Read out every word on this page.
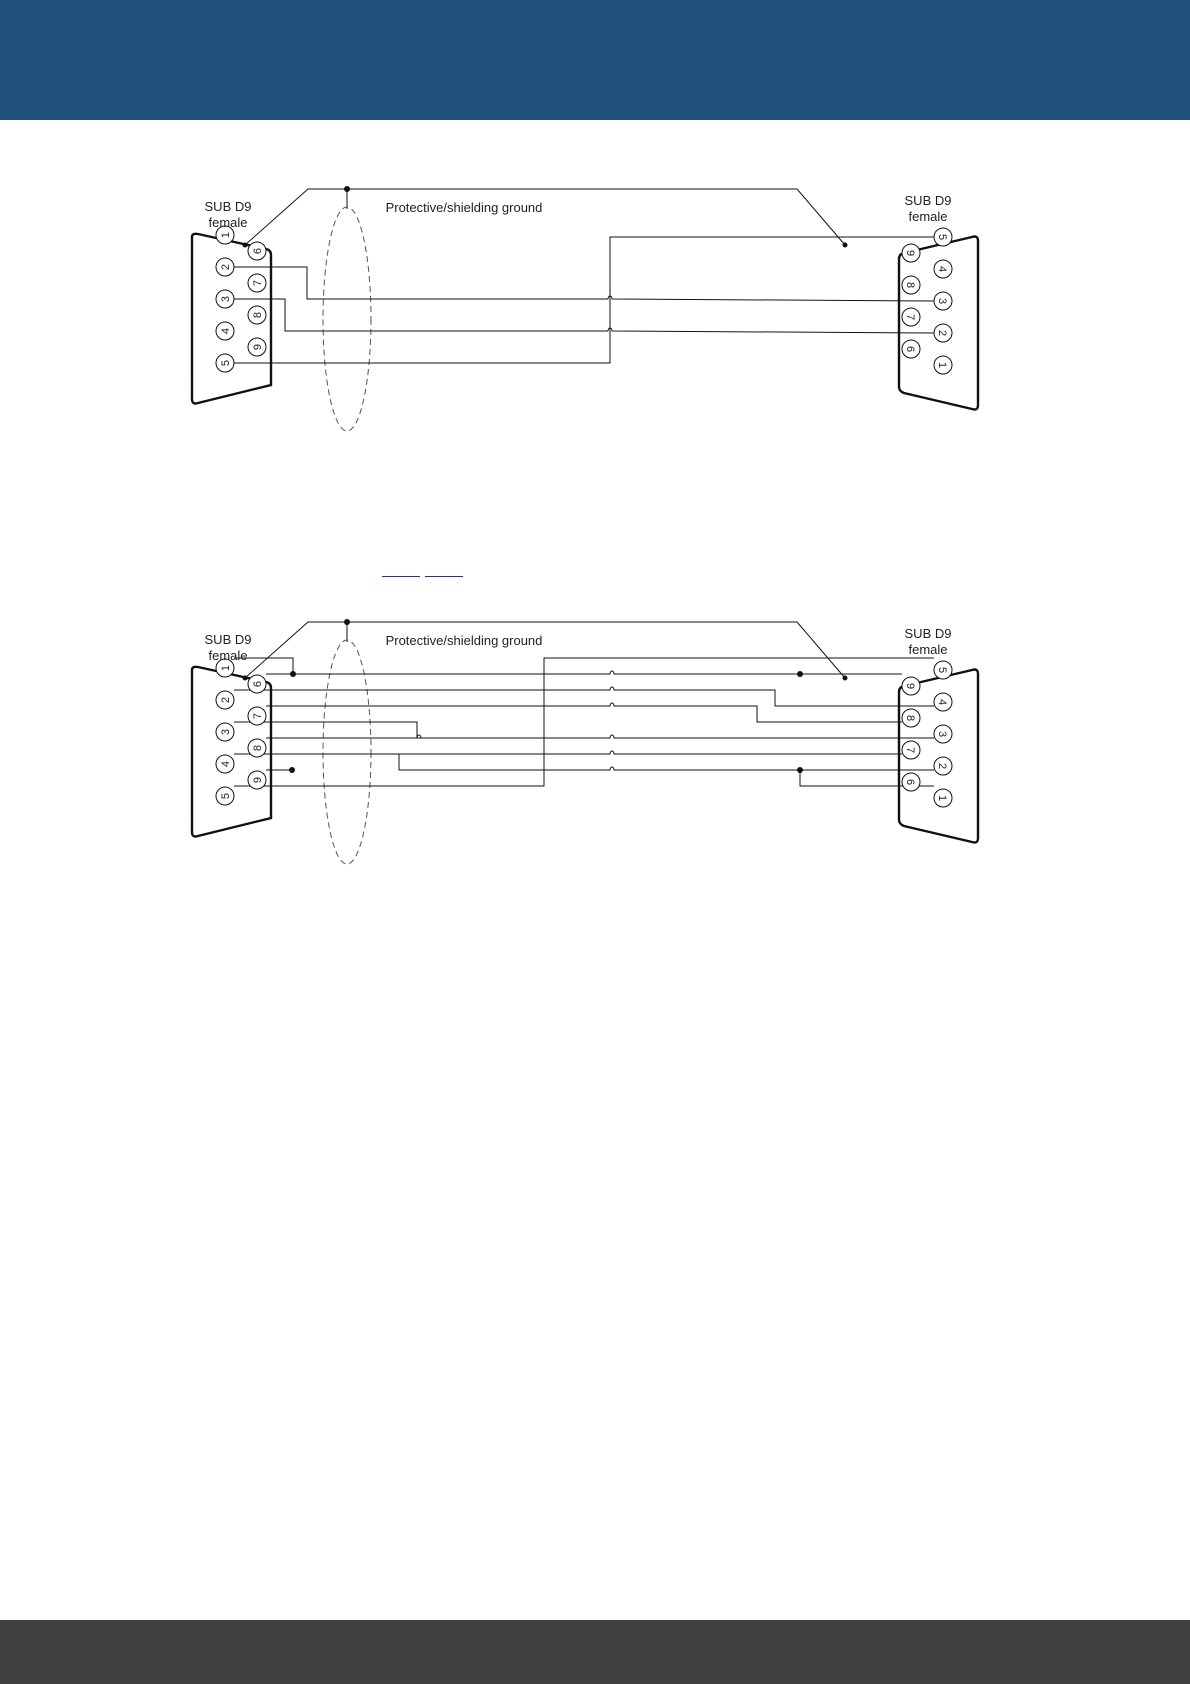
1
2
3
4
5
6
7
8
9
1
2
3
4
5
6
7
8
9
Protective/shielding ground
SUB D9
female
SUB D9
female
1
2
3
4
5
6
7
8
9
1
2
3
4
5
6
7
8
9
Protective/shielding ground
SUB D9
female
SUB D9
female
